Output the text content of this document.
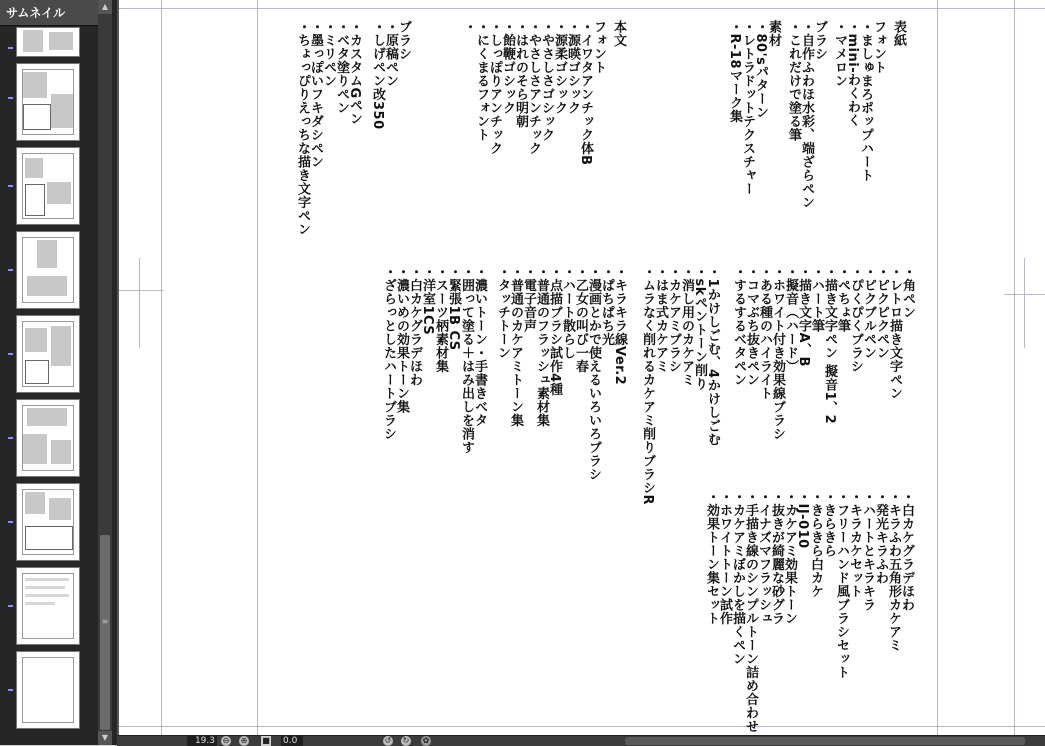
サムネイル	▲
≡
▼
表紙
フォント
・ましゅまろポップハート
・mini-わくわく
・マメロン
ブラシ
・自作ふわほ水彩、端ざらペン
・これだけで塗る筆
素材
・80'sパターン
・レトラドットテクスチャー
・R-18マーク集
本文
フォント
・イワタアンチック体B
・源暎ゴシック
・源柔ゴシック
・やさしさゴシック
・やさしさアンチック
・はれのそら明朝
・飴鞭ゴシック
・しっぽりアンチック
・にくまるフォント
・
ブラシ
・原稿ペン
・しげペン改350
・カスタムGペン
・ベタ塗りペン
・ミリペン
・墨っぽいフキダシペン
・ちょっぴりえっちな描き文字ペン
・角ペン
・レトロ描き文字ペン
・ピクピクペン
・ピクブルペン
・ぴくぴくブラシ
・ぺちょ筆
・描き文字ペン 擬音1、2
・ハート筆
・描き文字A、B
・擬音（ハード）
・ホワイト付き効果線ブラシ
・ある種のハイライト
・コマぶち抜きペン
・するするベタペン
・1かけしごむ、4かけしごむ
・skペントーン削り
・消し用のカケアミ
・カケアミブラシ
・はま式カケアミ
・ムラなく削れるカケアミ削りブラシR
・キラキラ線Ver.2
・ぱちぱち光
・漫画とかで使えるいろいろブラシ
・乙女の叫び一春
・ハート散らし
・点描ブラシ試作4種
・普通のフラッシュ素材集
・電子音声
・普通のカケアミトーン集
・タッチトーン
・濃いトーン・手書きベタ
・囲って塗る＋はみ出しを消す
・緊張1B CS
・スーツ柄素材集
・洋室1CS
・白カケグラデほわ
・濃いめの効果トーン集
・ざらっとしたハートブラシ
・白カケグラデほわ
・キラふわ五角形カケアミ
・発光キラふわ
・ハートとキラキラ
・キラカケセット
・フリーハンド風ブラシセット
・きらきら
・きらきら白カケ
・IJ-010
・カケアミ効果トーン
・抜きが綺麗な砂グラ
・イナズマフラッシュ
・手描き線のシンプルトーン詰め合わせ
・カケアミぼかしを描くペン
・ホワイトトーン試作
・効果トーン集セット
19.3 ⊖ ⊕ ■ 0.0	↺ ↻ ✿
